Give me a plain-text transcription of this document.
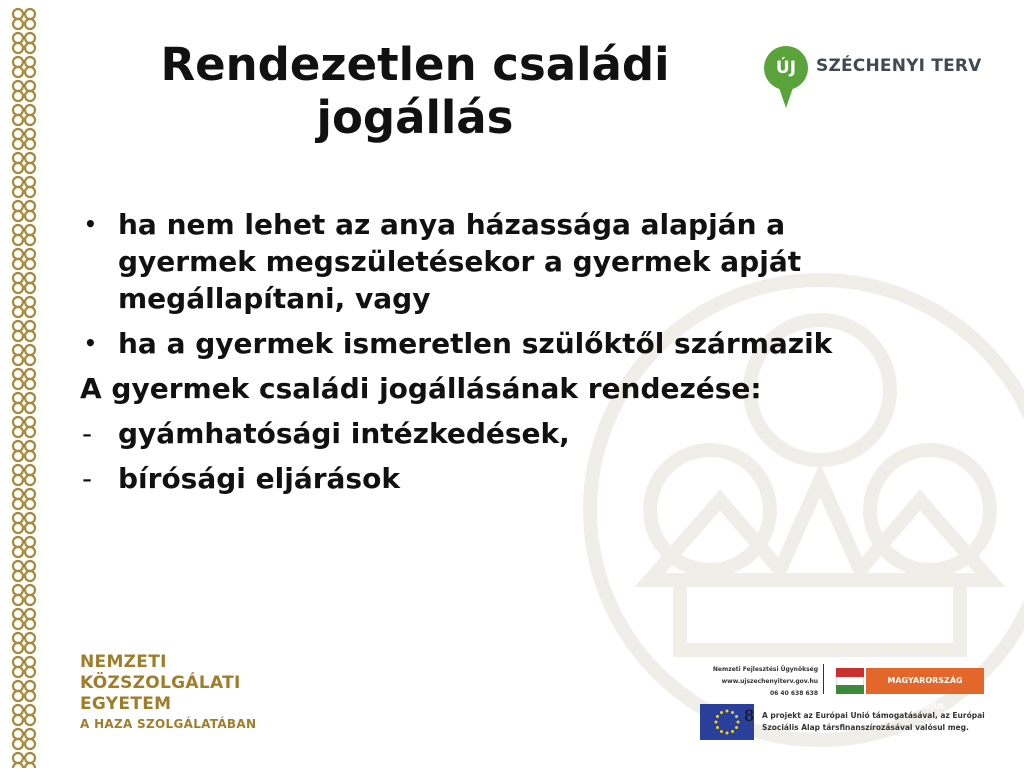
Rendezetlen családi
jogállás
ÚJ	SZÉCHENYI TERV
• ha nem lehet az anya házassága alapján a gyermek megszületésekor a gyermek apját megállapítani, vagy
• ha a gyermek ismeretlen szülőktől származik
A gyermek családi jogállásának rendezése:
- gyámhatósági intézkedések,
- bírósági eljárások
NEMZETI
KÖZSZOLGÁLATI
EGYETEM
A HAZA SZOLGÁLATÁBAN
Nemzeti Fejlesztési Ügynökség
www.ujszechenyiterv.gov.hu
06 40 638 638
MAGYARORSZÁG MEGÚJUL
8 A projekt az Európai Unió támogatásával, az Európai Szociális Alap társfinanszírozásával valósul meg.
